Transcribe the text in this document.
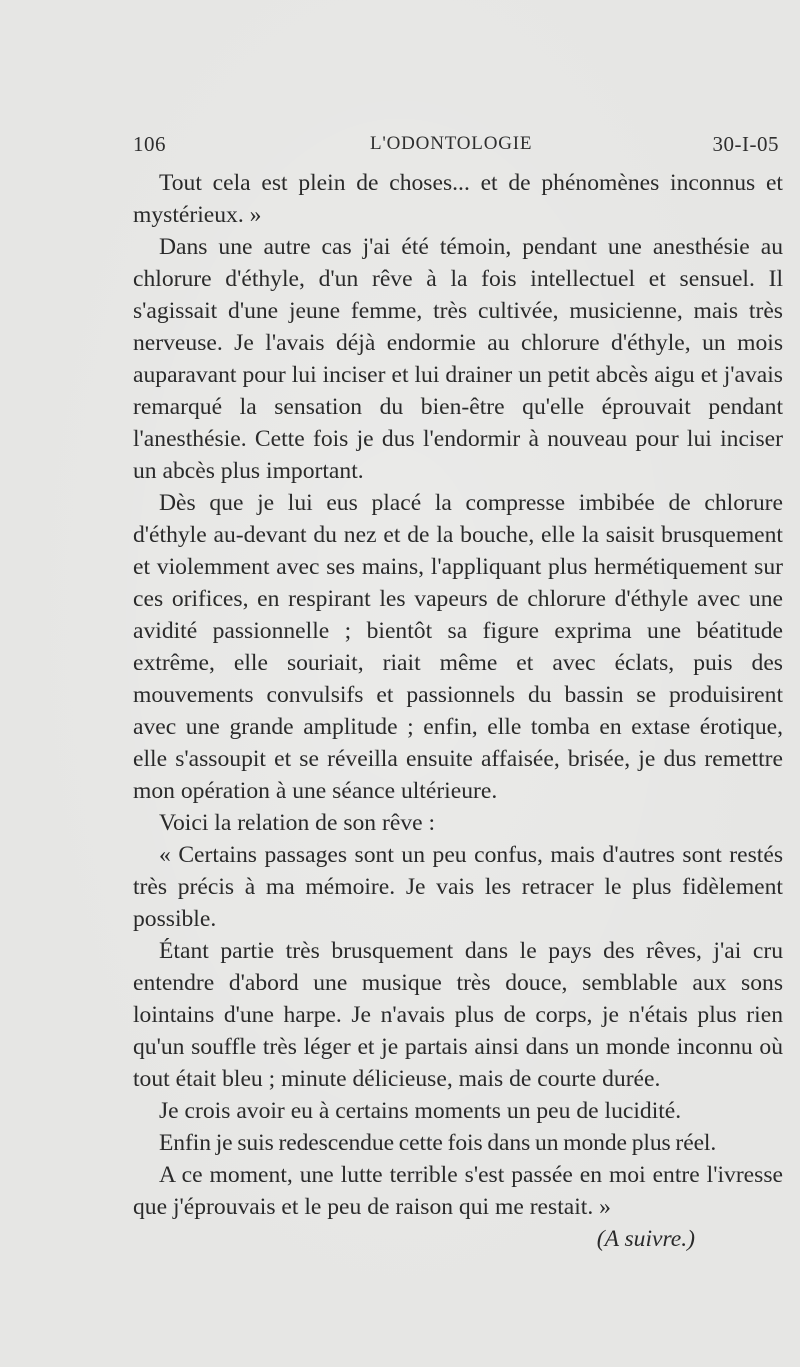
106	L'ODONTOLOGIE	30-I-05

Tout cela est plein de choses... et de phénomènes inconnus et mystérieux. »

Dans une autre cas j'ai été témoin, pendant une anesthésie au chlorure d'éthyle, d'un rêve à la fois intellectuel et sensuel. Il s'agissait d'une jeune femme, très cultivée, musicienne, mais très nerveuse. Je l'avais déjà endormie au chlorure d'éthyle, un mois auparavant pour lui inciser et lui drainer un petit abcès aigu et j'avais remarqué la sensation du bien-être qu'elle éprouvait pendant l'anesthésie. Cette fois je dus l'endormir à nouveau pour lui inciser un abcès plus important.

Dès que je lui eus placé la compresse imbibée de chlorure d'éthyle au-devant du nez et de la bouche, elle la saisit brusquement et violemment avec ses mains, l'appliquant plus hermétiquement sur ces orifices, en respirant les vapeurs de chlorure d'éthyle avec une avidité passionnelle ; bientôt sa figure exprima une béatitude extrême, elle souriait, riait même et avec éclats, puis des mouvements convulsifs et passionnels du bassin se produisirent avec une grande amplitude ; enfin, elle tomba en extase érotique, elle s'assoupit et se réveilla ensuite affaisée, brisée, je dus remettre mon opération à une séance ultérieure.

Voici la relation de son rêve :

« Certains passages sont un peu confus, mais d'autres sont restés très précis à ma mémoire. Je vais les retracer le plus fidèlement possible.

Étant partie très brusquement dans le pays des rêves, j'ai cru entendre d'abord une musique très douce, semblable aux sons lointains d'une harpe. Je n'avais plus de corps, je n'étais plus rien qu'un souffle très léger et je partais ainsi dans un monde inconnu où tout était bleu ; minute délicieuse, mais de courte durée.

Je crois avoir eu à certains moments un peu de lucidité.

Enfin je suis redescendue cette fois dans un monde plus réel.

A ce moment, une lutte terrible s'est passée en moi entre l'ivresse que j'éprouvais et le peu de raison qui me restait. »

(A suivre.)
